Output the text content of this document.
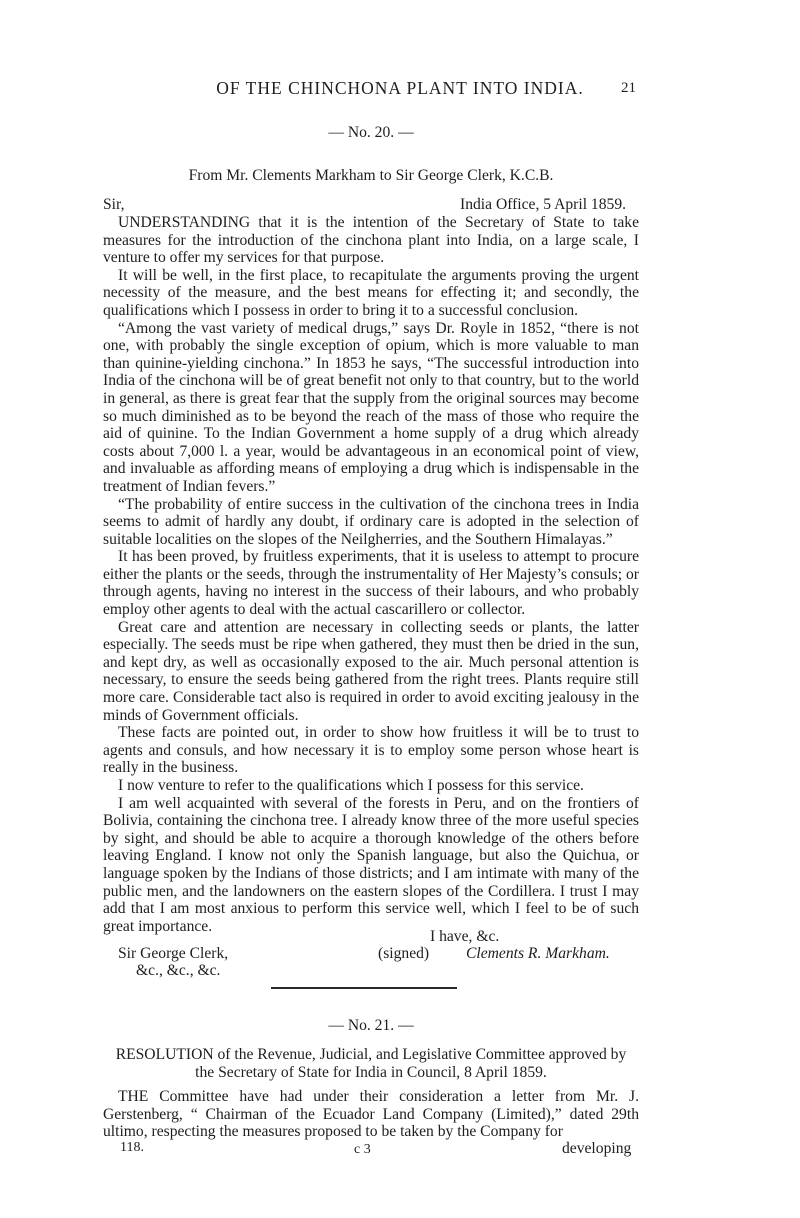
OF THE CHINCHONA PLANT INTO INDIA.	21
— No. 20. —
From Mr. Clements Markham to Sir George Clerk, K.C.B.
Sir,	India Office, 5 April 1859.

UNDERSTANDING that it is the intention of the Secretary of State to take measures for the introduction of the cinchona plant into India, on a large scale, I venture to offer my services for that purpose.

It will be well, in the first place, to recapitulate the arguments proving the urgent necessity of the measure, and the best means for effecting it; and secondly, the qualifications which I possess in order to bring it to a successful conclusion.

“Among the vast variety of medical drugs,” says Dr. Royle in 1852, “there is not one, with probably the single exception of opium, which is more valuable to man than quinine-yielding cinchona.” In 1853 he says, “The successful introduction into India of the cinchona will be of great benefit not only to that country, but to the world in general, as there is great fear that the supply from the original sources may become so much diminished as to be beyond the reach of the mass of those who require the aid of quinine. To the Indian Government a home supply of a drug which already costs about 7,000 l. a year, would be advantageous in an economical point of view, and invaluable as affording means of employing a drug which is indispensable in the treatment of Indian fevers.”

“The probability of entire success in the cultivation of the cinchona trees in India seems to admit of hardly any doubt, if ordinary care is adopted in the selection of suitable localities on the slopes of the Neilgherries, and the Southern Himalayas.”

It has been proved, by fruitless experiments, that it is useless to attempt to procure either the plants or the seeds, through the instrumentality of Her Majesty’s consuls; or through agents, having no interest in the success of their labours, and who probably employ other agents to deal with the actual cascarillero or collector.

Great care and attention are necessary in collecting seeds or plants, the latter especially. The seeds must be ripe when gathered, they must then be dried in the sun, and kept dry, as well as occasionally exposed to the air. Much personal attention is necessary, to ensure the seeds being gathered from the right trees. Plants require still more care. Considerable tact also is required in order to avoid exciting jealousy in the minds of Government officials.

These facts are pointed out, in order to show how fruitless it will be to trust to agents and consuls, and how necessary it is to employ some person whose heart is really in the business.

I now venture to refer to the qualifications which I possess for this service.

I am well acquainted with several of the forests in Peru, and on the frontiers of Bolivia, containing the cinchona tree. I already know three of the more useful species by sight, and should be able to acquire a thorough knowledge of the others before leaving England. I know not only the Spanish language, but also the Quichua, or language spoken by the Indians of those districts; and I am intimate with many of the public men, and the landowners on the eastern slopes of the Cordillera. I trust I may add that I am most anxious to perform this service well, which I feel to be of such great importance.

I have, &c.
Sir George Clerk,
&c., &c., &c.
(signed) Clements R. Markham.
— No. 21. —
RESOLUTION of the Revenue, Judicial, and Legislative Committee approved by
the Secretary of State for India in Council, 8 April 1859.

THE Committee have had under their consideration a letter from Mr. J. Gerstenberg, “ Chairman of the Ecuador Land Company (Limited),” dated 29th ultimo, respecting the measures proposed to be taken by the Company for

118.	c 3	developing
